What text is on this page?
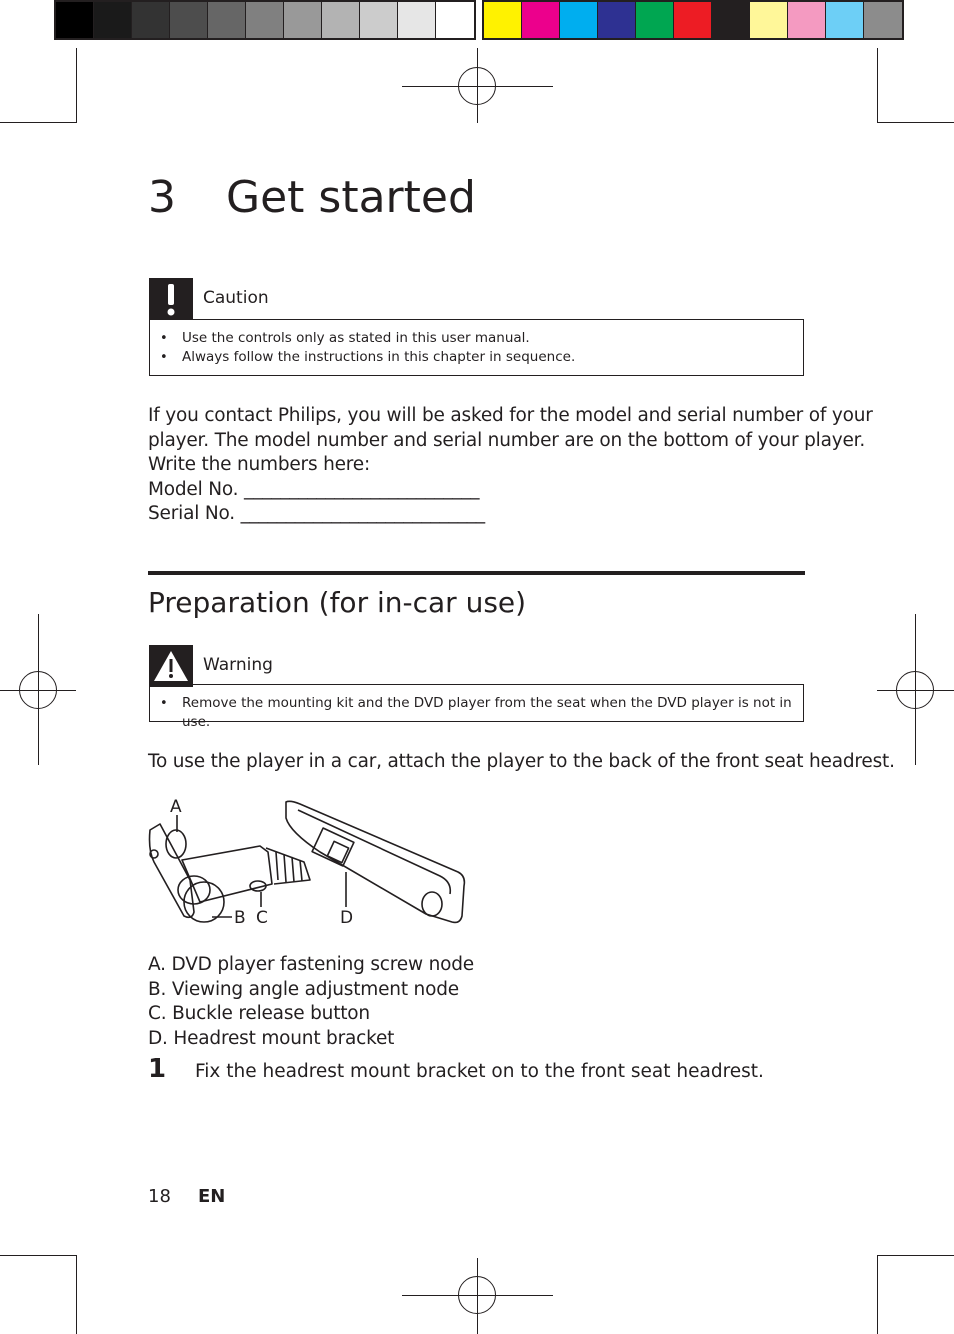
3 Get started
Caution
• Use the controls only as stated in this user manual.
• Always follow the instructions in this chapter in sequence.
If you contact Philips, you will be asked for the model and serial number of your
player. The model number and serial number are on the bottom of your player.
Write the numbers here:
Model No. __________________________
Serial No. ___________________________
Preparation (for in-car use)
Warning
• Remove the mounting kit and the DVD player from the seat when the DVD player is not in use.
To use the player in a car, attach the player to the back of the front seat headrest.
A
B C	D
A. DVD player fastening screw node
B. Viewing angle adjustment node
C. Buckle release button
D. Headrest mount bracket
1 Fix the headrest mount bracket on to the front seat headrest.
18 EN
